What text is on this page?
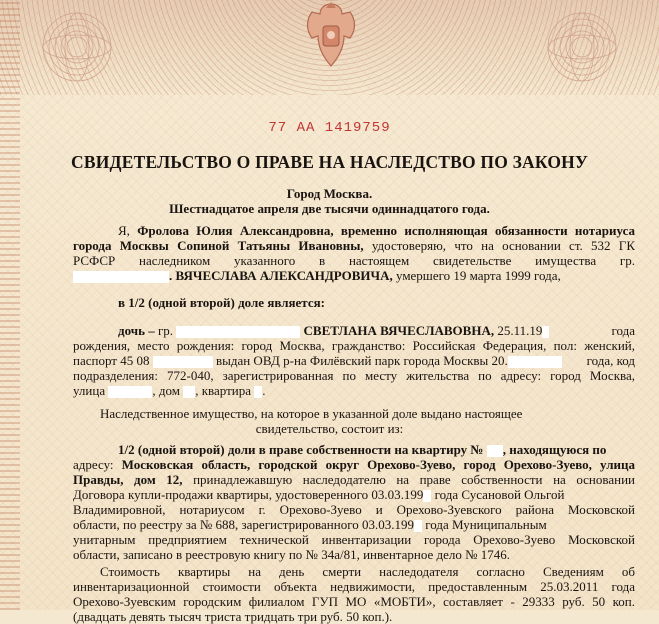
77 АА 1419759
СВИДЕТЕЛЬСТВО О ПРАВЕ НА НАСЛЕДСТВО ПО ЗАКОНУ
Город Москва.
Шестнадцатое апреля две тысячи одиннадцатого года.
Я, Фролова Юлия Александровна, временно исполняющая обязанности нотариуса
города Москвы Сопиной Татьяны Ивановны, удостоверяю, что на основании ст. 532 ГК
РСФСР наследником указанного в настоящем свидетельстве имущества гр.
. ВЯЧЕСЛАВА АЛЕКСАНДРОВИЧА, умершего 19 марта 1999 года,
в 1/2 (одной второй) доле является:
дочь – гр.	СВЕТЛАНА ВЯЧЕСЛАВОВНА, 25.11.19	года
рождения, место рождения: город Москва, гражданство: Российская Федерация, пол: женский,
паспорт 45 08	выдан ОВД р-на Филёвский парк города Москвы 20.	года, код
подразделения: 772-040, зарегистрированная по месту жительства по адресу: город Москва,
улица	, дом , квартира .
Наследственное имущество, на которое в указанной доле выдано настоящее
свидетельство, состоит из:
1/2 (одной второй) доли в праве собственности на квартиру № , находящуюся по
адресу: Московская область, городской округ Орехово-Зуево, город Орехово-Зуево, улица
Правды, дом 12, принадлежавшую наследодателю на праве собственности на основании
Договора купли-продажи квартиры, удостоверенного 03.03.199 года Сусановой Ольгой
Владимировной, нотариусом г. Орехово-Зуево и Орехово-Зуевского района Московской
области, по реестру за № 688, зарегистрированного 03.03.199 года Муниципальным
унитарным предприятием технической инвентаризации города Орехово-Зуево Московской
области, записано в реестровую книгу по № 34а/81, инвентарное дело № 1746.
Стоимость квартиры на день смерти наследодателя согласно Сведениям об
инвентаризационной стоимости объекта недвижимости, предоставленным 25.03.2011 года
Орехово-Зуевским городским филиалом ГУП МО «МОБТИ», составляет - 29333 руб. 50 коп.
(двадцать девять тысяч триста тридцать три руб. 50 коп.).
